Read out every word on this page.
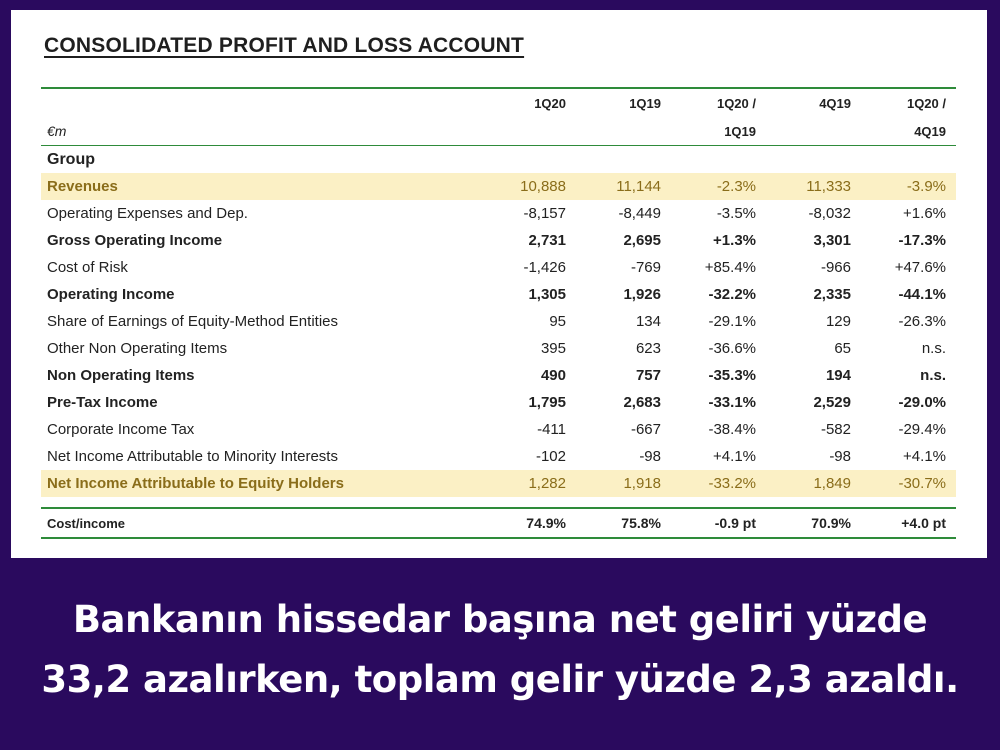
CONSOLIDATED PROFIT AND LOSS ACCOUNT
	1Q20	1Q19	1Q20 /	4Q19	1Q20 /
€m			1Q19		4Q19
Group					
Revenues	10,888	11,144	-2.3%	11,333	-3.9%
Operating Expenses and Dep.	-8,157	-8,449	-3.5%	-8,032	+1.6%
Gross Operating Income	2,731	2,695	+1.3%	3,301	-17.3%
Cost of Risk	-1,426	-769	+85.4%	-966	+47.6%
Operating Income	1,305	1,926	-32.2%	2,335	-44.1%
Share of Earnings of Equity-Method Entities	95	134	-29.1%	129	-26.3%
Other Non Operating Items	395	623	-36.6%	65	n.s.
Non Operating Items	490	757	-35.3%	194	n.s.
Pre-Tax Income	1,795	2,683	-33.1%	2,529	-29.0%
Corporate Income Tax	-411	-667	-38.4%	-582	-29.4%
Net Income Attributable to Minority Interests	-102	-98	+4.1%	-98	+4.1%
Net Income Attributable to Equity Holders	1,282	1,918	-33.2%	1,849	-30.7%

Cost/income	74.9%	75.8%	-0.9 pt	70.9%	+4.0 pt
Bankanın hissedar başına net geliri yüzde
33,2 azalırken, toplam gelir yüzde 2,3 azaldı.
